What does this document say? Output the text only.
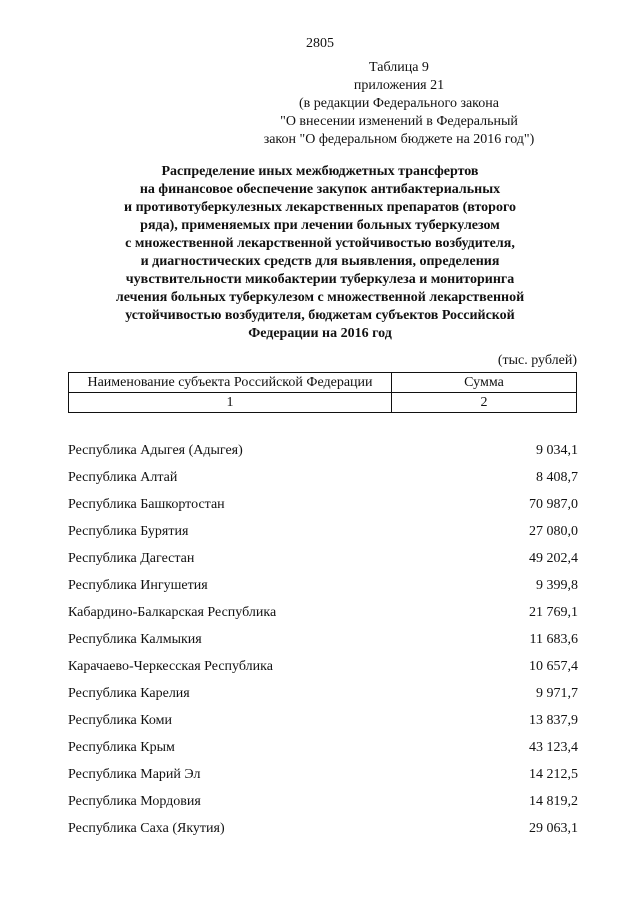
2805
Таблица 9
приложения 21
(в редакции Федерального закона
"О внесении изменений в Федеральный
закон "О федеральном бюджете на 2016 год")
Распределение иных межбюджетных трансфертов
на финансовое обеспечение закупок антибактериальных
и противотуберкулезных лекарственных препаратов (второго
ряда), применяемых при лечении больных туберкулезом
с множественной лекарственной устойчивостью возбудителя,
и диагностических средств для выявления, определения
чувствительности микобактерии туберкулеза и мониторинга
лечения больных туберкулезом с множественной лекарственной
устойчивостью возбудителя, бюджетам субъектов Российской
Федерации на 2016 год
(тыс. рублей)
Наименование субъекта Российской Федерации	Сумма
1	2
Республика Адыгея (Адыгея)	9 034,1
Республика Алтай	8 408,7
Республика Башкортостан	70 987,0
Республика Бурятия	27 080,0
Республика Дагестан	49 202,4
Республика Ингушетия	9 399,8
Кабардино-Балкарская Республика	21 769,1
Республика Калмыкия	11 683,6
Карачаево-Черкесская Республика	10 657,4
Республика Карелия	9 971,7
Республика Коми	13 837,9
Республика Крым	43 123,4
Республика Марий Эл	14 212,5
Республика Мордовия	14 819,2
Республика Саха (Якутия)	29 063,1
